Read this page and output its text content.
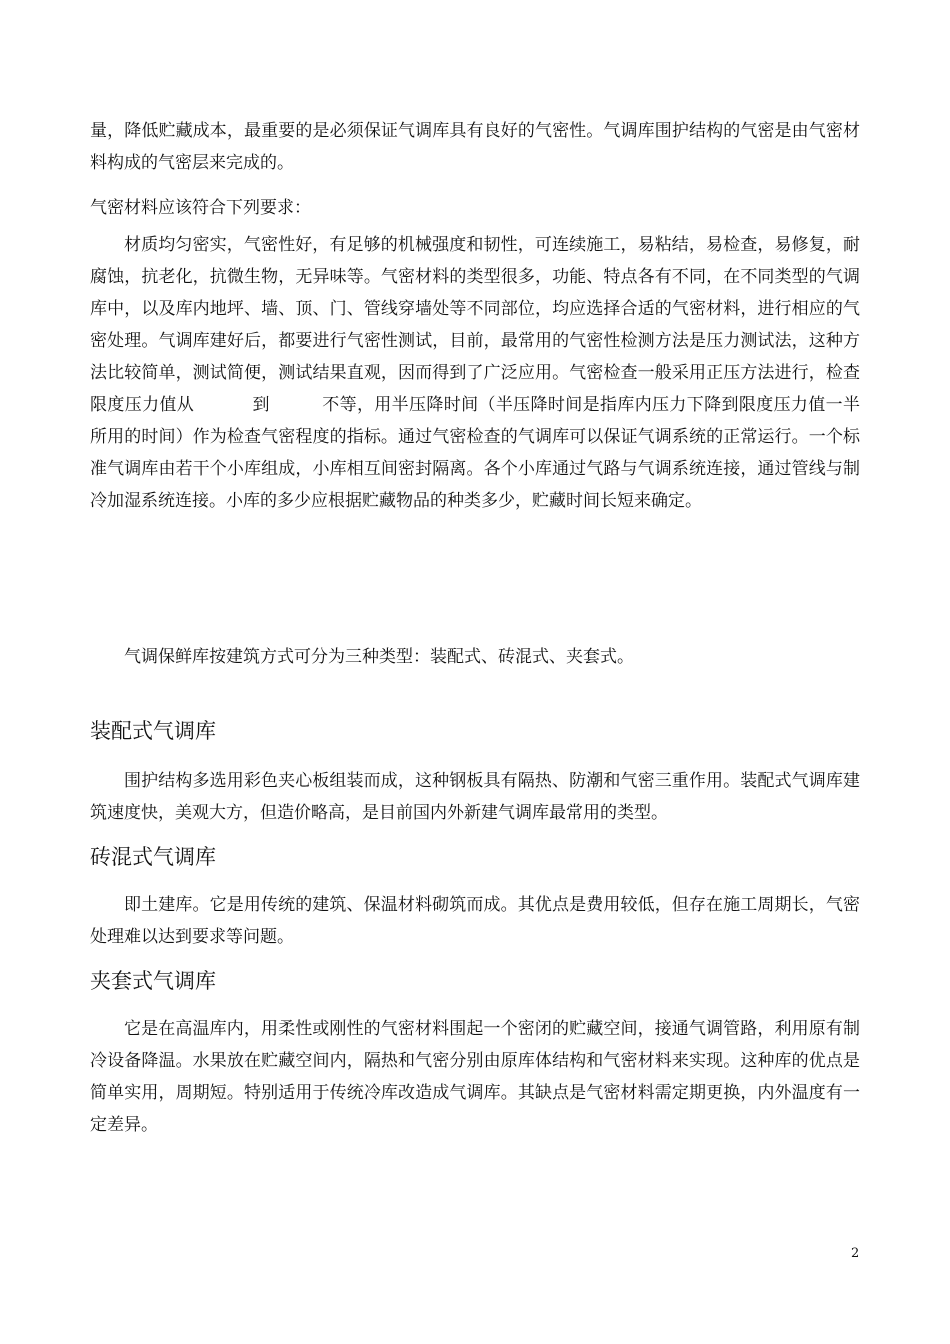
量，降低贮藏成本，最重要的是必须保证气调库具有良好的气密性。气调库围护结构的气密是由气密材料构成的气密层来完成的。

气密材料应该符合下列要求：

材质均匀密实，气密性好，有足够的机械强度和韧性，可连续施工，易粘结，易检查，易修复，耐腐蚀，抗老化，抗微生物，无异味等。气密材料的类型很多，功能、特点各有不同，在不同类型的气调库中，以及库内地坪、墙、顶、门、管线穿墙处等不同部位，均应选择合适的气密材料，进行相应的气密处理。气调库建好后，都要进行气密性测试，目前，最常用的气密性检测方法是压力测试法，这种方法比较简单，测试简便，测试结果直观，因而得到了广泛应用。气密检查一般采用正压方法进行，检查限度压力值从	到	不等，用半压降时间（半压降时间是指库内压力下降到限度压力值一半所用的时间）作为检查气密程度的指标。通过气密检查的气调库可以保证气调系统的正常运行。一个标准气调库由若干个小库组成，小库相互间密封隔离。各个小库通过气路与气调系统连接，通过管线与制冷加湿系统连接。小库的多少应根据贮藏物品的种类多少，贮藏时间长短来确定。

气调保鲜库按建筑方式可分为三种类型：装配式、砖混式、夹套式。

装配式气调库

围护结构多选用彩色夹心板组装而成，这种钢板具有隔热、防潮和气密三重作用。装配式气调库建筑速度快，美观大方，但造价略高，是目前国内外新建气调库最常用的类型。

砖混式气调库

即土建库。它是用传统的建筑、保温材料砌筑而成。其优点是费用较低，但存在施工周期长，气密处理难以达到要求等问题。

夹套式气调库

它是在高温库内，用柔性或刚性的气密材料围起一个密闭的贮藏空间，接通气调管路，利用原有制冷设备降温。水果放在贮藏空间内，隔热和气密分别由原库体结构和气密材料来实现。这种库的优点是简单实用，周期短。特别适用于传统冷库改造成气调库。其缺点是气密材料需定期更换，内外温度有一定差异。

2
